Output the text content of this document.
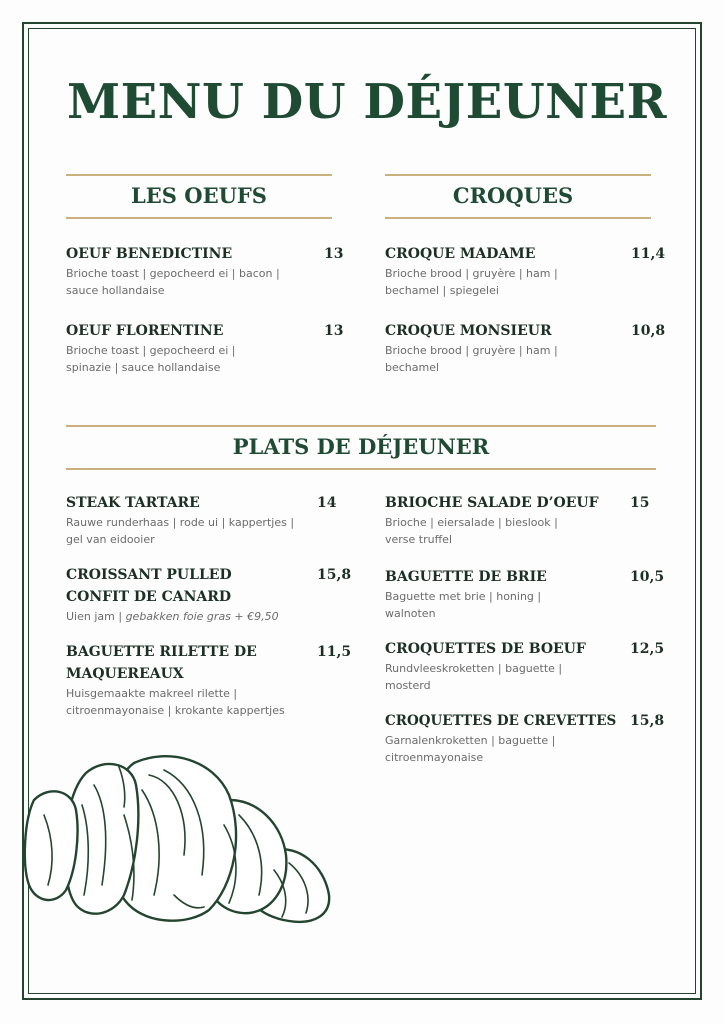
MENU DU DÉJEUNER
LES OEUFS
OEUF BENEDICTINE	13
Brioche toast | gepocheerd ei | bacon |
sauce hollandaise
OEUF FLORENTINE	13
Brioche toast | gepocheerd ei |
spinazie | sauce hollandaise
CROQUES
CROQUE MADAME	11,4
Brioche brood | gruyère | ham |
bechamel | spiegelei
CROQUE MONSIEUR	10,8
Brioche brood | gruyère | ham |
bechamel
PLATS DE DÉJEUNER
STEAK TARTARE	14
Rauwe runderhaas | rode ui | kappertjes |
gel van eidooier
CROISSANT PULLED
CONFIT DE CANARD
15,8
Uien jam | gebakken foie gras + €9,50
BAGUETTE RILETTE DE
MAQUEREAUX
11,5
Huisgemaakte makreel rilette |
citroenmayonaise | krokante kappertjes
BRIOCHE SALADE D’OEUF	15
Brioche | eiersalade | bieslook |
verse truffel
BAGUETTE DE BRIE	10,5
Baguette met brie | honing |
walnoten
CROQUETTES DE BOEUF	12,5
Rundvleeskroketten | baguette |
mosterd
CROQUETTES DE CREVETTES 15,8
Garnalenkroketten | baguette |
citroenmayonaise
